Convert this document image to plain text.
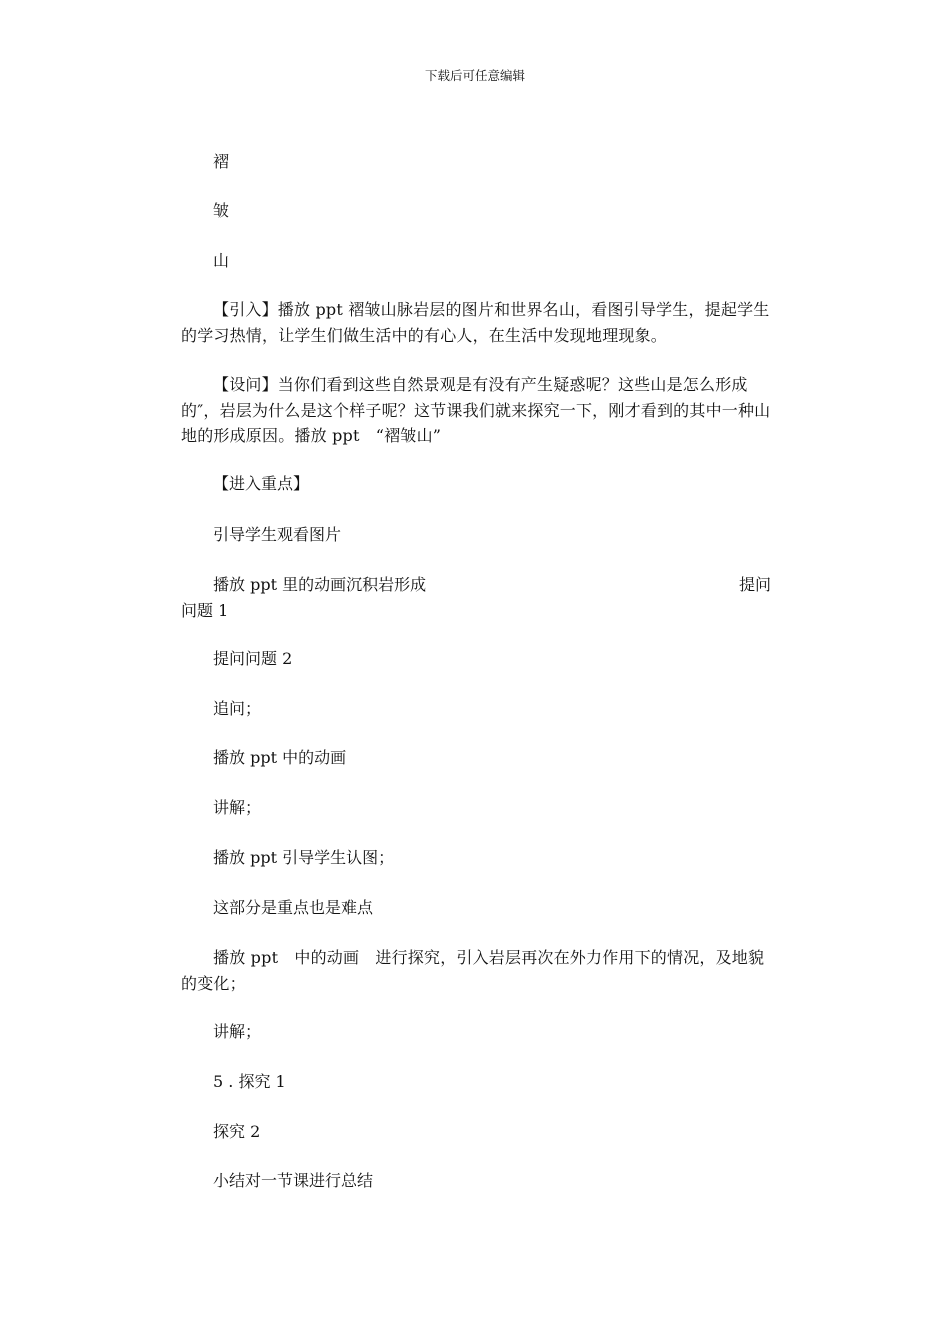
下载后可任意编辑
褶
皱
山
【引入】播放 ppt 褶皱山脉岩层的图片和世界名山，看图引导学生，提起学生的学习热情，让学生们做生活中的有心人，在生活中发现地理现象。
【设问】当你们看到这些自然景观是有没有产生疑惑呢？这些山是怎么形成的″，岩层为什么是这个样子呢？这节课我们就来探究一下，刚才看到的其中一种山地的形成原因。播放 ppt　“褶皱山”
【进入重点】
引导学生观看图片
播放 ppt 里的动画沉积岩形成	提问
问题 1
提问问题 2
追问；
播放 ppt 中的动画
讲解；
播放 ppt 引导学生认图；
这部分是重点也是难点
播放 ppt　中的动画　进行探究，引入岩层再次在外力作用下的情况，及地貌的变化；
讲解；
5 . 探究 1
探究 2
小结对一节课进行总结
